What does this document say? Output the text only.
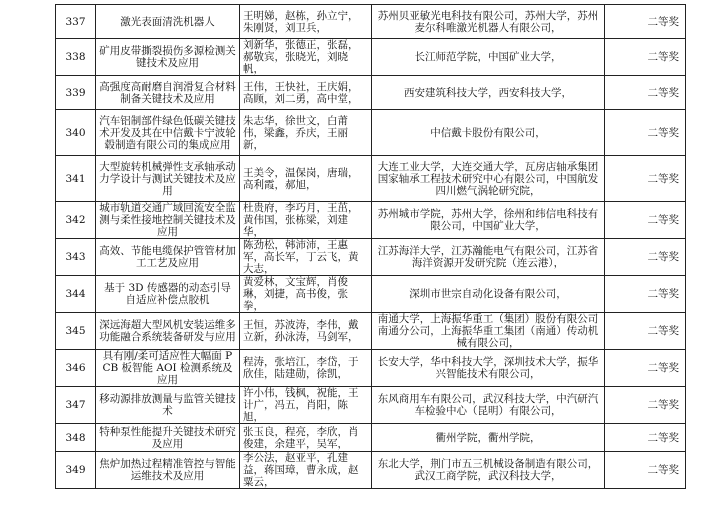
337	激光表面清洗机器人	王明娣，赵栋，孙立宁，朱刚贤，刘卫兵，	苏州贝亚敏光电科技有限公司，苏州大学，苏州麦尔科唯激光机器人有限公司，	二等奖
338	矿用皮带撕裂损伤多源检测关键技术及应用	刘新华，张德正，张磊，郝敬宾，张晓光，刘晓帆，	长江师范学院，中国矿业大学，	二等奖
339	高强度高耐磨自润滑复合材料制备关键技术及应用	王伟，王快社，王庆娟，高顾，刘二勇，高中堂，	西安建筑科技大学，西安科技大学，	二等奖
340	汽车铝制部件绿色低碳关键技术开发及其在中信戴卡宁波轮毂制造有限公司的集成应用	朱志华，徐世文，白莆伟，梁鑫，乔庆，王丽新，	中信戴卡股份有限公司，	二等奖
341	大型旋转机械弹性支承轴承动力学设计与测试关键技术及应用	王美令，温保岗，唐瑞，高利霞，郝旭，	大连工业大学，大连交通大学，瓦房店轴承集团国家轴承工程技术研究中心有限公司，中国航发四川燃气涡轮研究院，	二等奖
342	城市轨道交通广域回流安全监测与柔性接地控制关键技术及应用	杜贵府，李巧月，王茁，黄伟国，张栋梁，刘建华，	苏州城市学院，苏州大学，徐州和纬信电科技有限公司，中国矿业大学，	二等奖
343	高效、节能电缆保护管管材加工工艺及应用	陈劲松，韩沛沛，王惠军，高长军，丁云飞，黄大志，	江苏海洋大学，江苏瀚能电气有限公司，江苏省海洋资源开发研究院（连云港），	二等奖
344	基于 3D 传感器的动态引导自适应补偿点胶机	黄爱林，文宝辉，肖俊琳，刘捷，高书俊，张拳，	深圳市世宗自动化设备有限公司，	二等奖
345	深远海超大型风机安装运维多功能融合系统装备研发与应用	王恒，苏波涛，李伟，戴立新，孙泳涛，马剑军，	南通大学，上海振华重工（集团）股份有限公司南通分公司，上海振华重工集团（南通）传动机械有限公司，	二等奖
346	具有刚/柔可适应性大幅面 PCB 板智能 AOI 检测系统及应用	程涛，张培江，李岱，于欣佳，陆建勋，徐凯，	长安大学，华中科技大学，深圳技术大学，振华兴智能技术有限公司，	二等奖
347	移动源排放测量与监管关键技术	许小伟，钱枫，祝能，王计广，冯五，肖阳，陈旭，	东风商用车有限公司，武汉科技大学，中汽研汽车检验中心（昆明）有限公司，	二等奖
348	特种泵性能提升关键技术研究及应用	张玉良，程亮，李欣，肖俊建，余建平，吴军，	衢州学院，衢州学院，	二等奖
349	焦炉加热过程精准管控与智能运维技术及应用	李公法，赵亚平，孔建益，蒋国璋，曹永成，赵粟云，	东北大学，荆门市五三机械设备制造有限公司，武汉工商学院，武汉科技大学，	二等奖
